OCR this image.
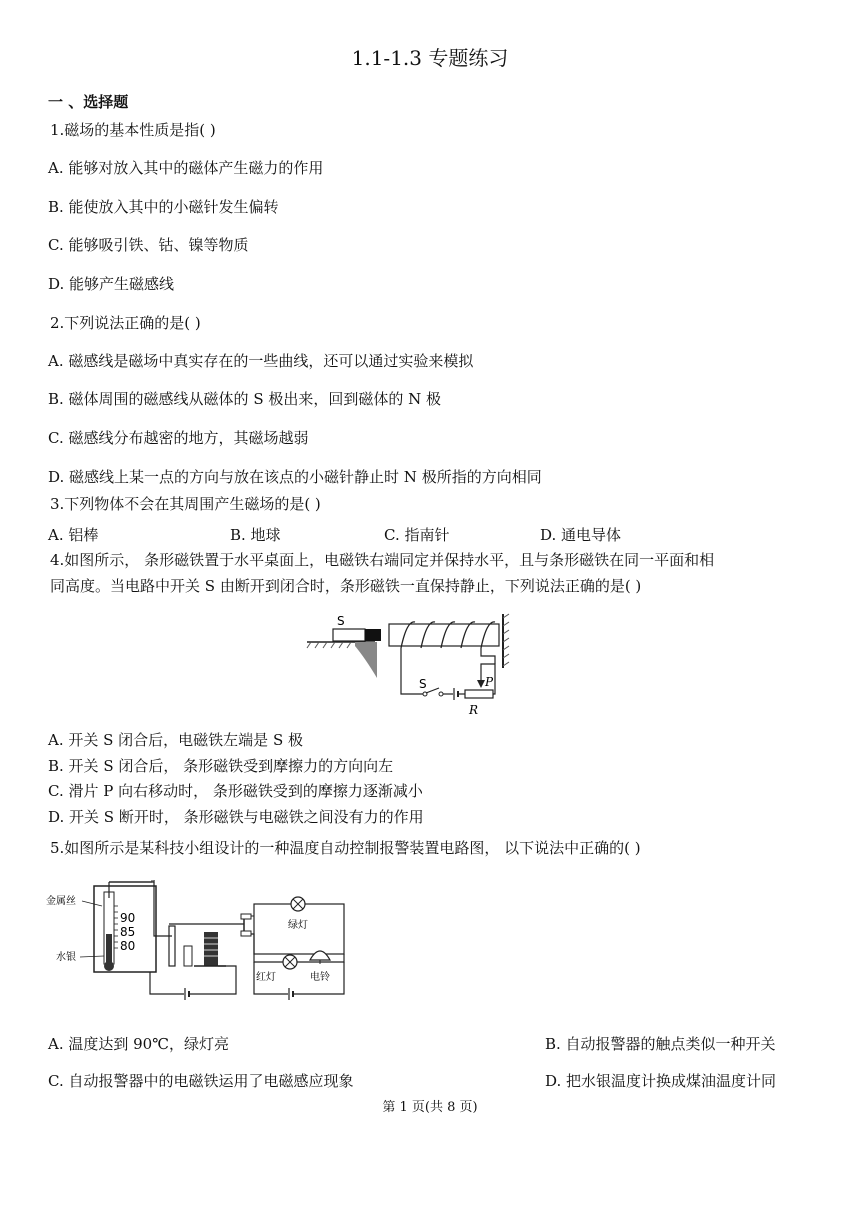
1.1-1.3 专题练习
一 、选择题
1.磁场的基本性质是指( )
A. 能够对放入其中的磁体产生磁力的作用
B. 能使放入其中的小磁针发生偏转
C. 能够吸引铁、钴、镍等物质
D. 能够产生磁感线
2.下列说法正确的是( )
A. 磁感线是磁场中真实存在的一些曲线，还可以通过实验来模拟
B. 磁体周围的磁感线从磁体的 S 极出来，回到磁体的 N 极
C. 磁感线分布越密的地方，其磁场越弱
D. 磁感线上某一点的方向与放在该点的小磁针静止时 N 极所指的方向相同
3.下列物体不会在其周围产生磁场的是( )
A. 铝棒	B. 地球	C. 指南针	D. 通电导体
4.如图所示， 条形磁铁置于水平桌面上，电磁铁右端同定并保持水平，且与条形磁铁在同一平面和相
同高度。当电路中开关 S 由断开到闭合时，条形磁铁一直保持静止，下列说法正确的是( )
S
S	P
R
A. 开关 S 闭合后，电磁铁左端是 S 极
B. 开关 S 闭合后， 条形磁铁受到摩擦力的方向向左
C. 滑片 P 向右移动时， 条形磁铁受到的摩擦力逐渐减小
D. 开关 S 断开时， 条形磁铁与电磁铁之间没有力的作用
5.如图所示是某科技小组设计的一种温度自动控制报警装置电路图， 以下说法中正确的( )
90
85
80
金属丝
水银
绿灯
红灯	电铃
A. 温度达到 90℃，绿灯亮	B. 自动报警器的触点类似一种开关
C. 自动报警器中的电磁铁运用了电磁感应现象	D. 把水银温度计换成煤油温度计同
第 1 页(共 8 页)
